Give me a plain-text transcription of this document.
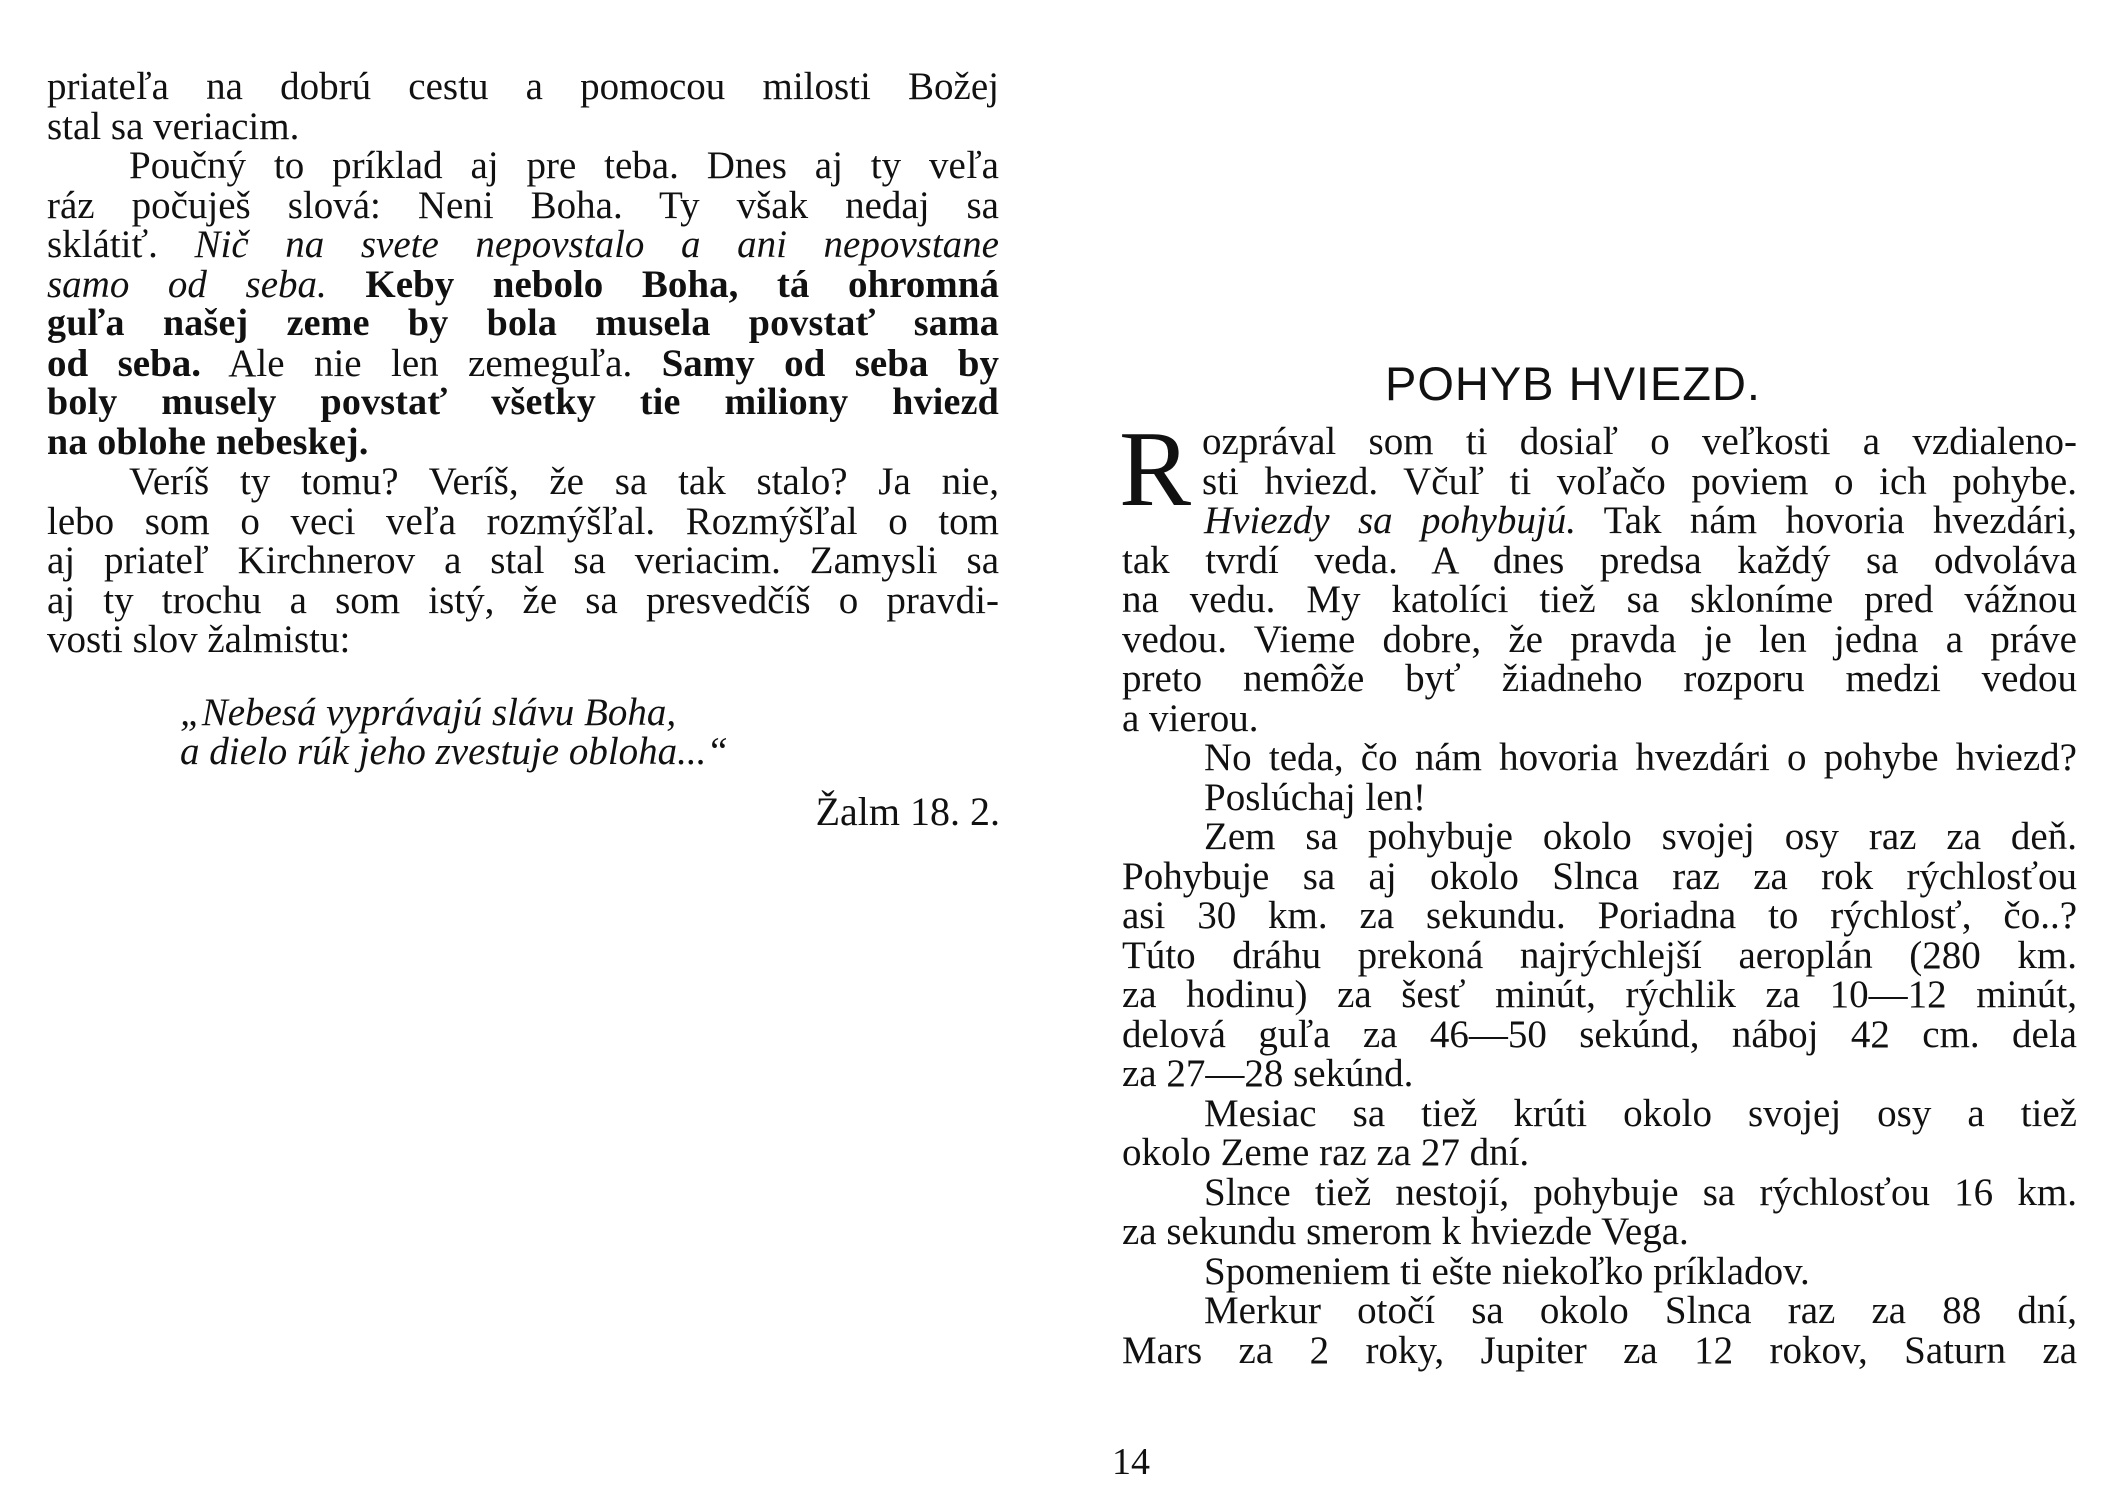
priateľa na dobrú cestu a pomocou milosti Božej
stal sa veriacim.
Poučný to príklad aj pre teba. Dnes aj ty veľa
ráz počuješ slová: Neni Boha. Ty však nedaj sa
sklátiť. Nič na svete nepovstalo a ani nepovstane
samo od seba. Keby nebolo Boha, tá ohromná
guľa našej zeme by bola musela povstať sama
od seba. Ale nie len zemeguľa. Samy od seba by
boly musely povstať všetky tie miliony hviezd
na oblohe nebeskej.
Veríš ty tomu? Veríš, že sa tak stalo? Ja nie,
lebo som o veci veľa rozmýšľal. Rozmýšľal o tom
aj priateľ Kirchnerov a stal sa veriacim. Zamysli sa
aj ty trochu a som istý, že sa presvedčíš o pravdi-
vosti slov žalmistu:
„Nebesá vyprávajú slávu Boha,
a dielo rúk jeho zvestuje obloha...“
Žalm 18. 2.
POHYB HVIEZD.
R ozprával som ti dosiaľ o veľkosti a vzdialeno-
sti hviezd. Včuľ ti voľačo poviem o ich pohybe.
Hviezdy sa pohybujú. Tak nám hovoria hvezdári,
tak tvrdí veda. A dnes predsa každý sa odvoláva
na vedu. My katolíci tiež sa skloníme pred vážnou
vedou. Vieme dobre, že pravda je len jedna a práve
preto nemôže byť žiadneho rozporu medzi vedou
a vierou.
No teda, čo nám hovoria hvezdári o pohybe hviezd?
Poslúchaj len!
Zem sa pohybuje okolo svojej osy raz za deň.
Pohybuje sa aj okolo Slnca raz za rok rýchlosťou
asi 30 km. za sekundu. Poriadna to rýchlosť, čo..?
Túto dráhu prekoná najrýchlejší aeroplán (280 km.
za hodinu) za šesť minút, rýchlik za 10—12 minút,
delová guľa za 46—50 sekúnd, náboj 42 cm. dela
za 27—28 sekúnd.
Mesiac sa tiež krúti okolo svojej osy a tiež
okolo Zeme raz za 27 dní.
Slnce tiež nestojí, pohybuje sa rýchlosťou 16 km.
za sekundu smerom k hviezde Vega.
Spomeniem ti ešte niekoľko príkladov.
Merkur otočí sa okolo Slnca raz za 88 dní,
Mars za 2 roky, Jupiter za 12 rokov, Saturn za
14
